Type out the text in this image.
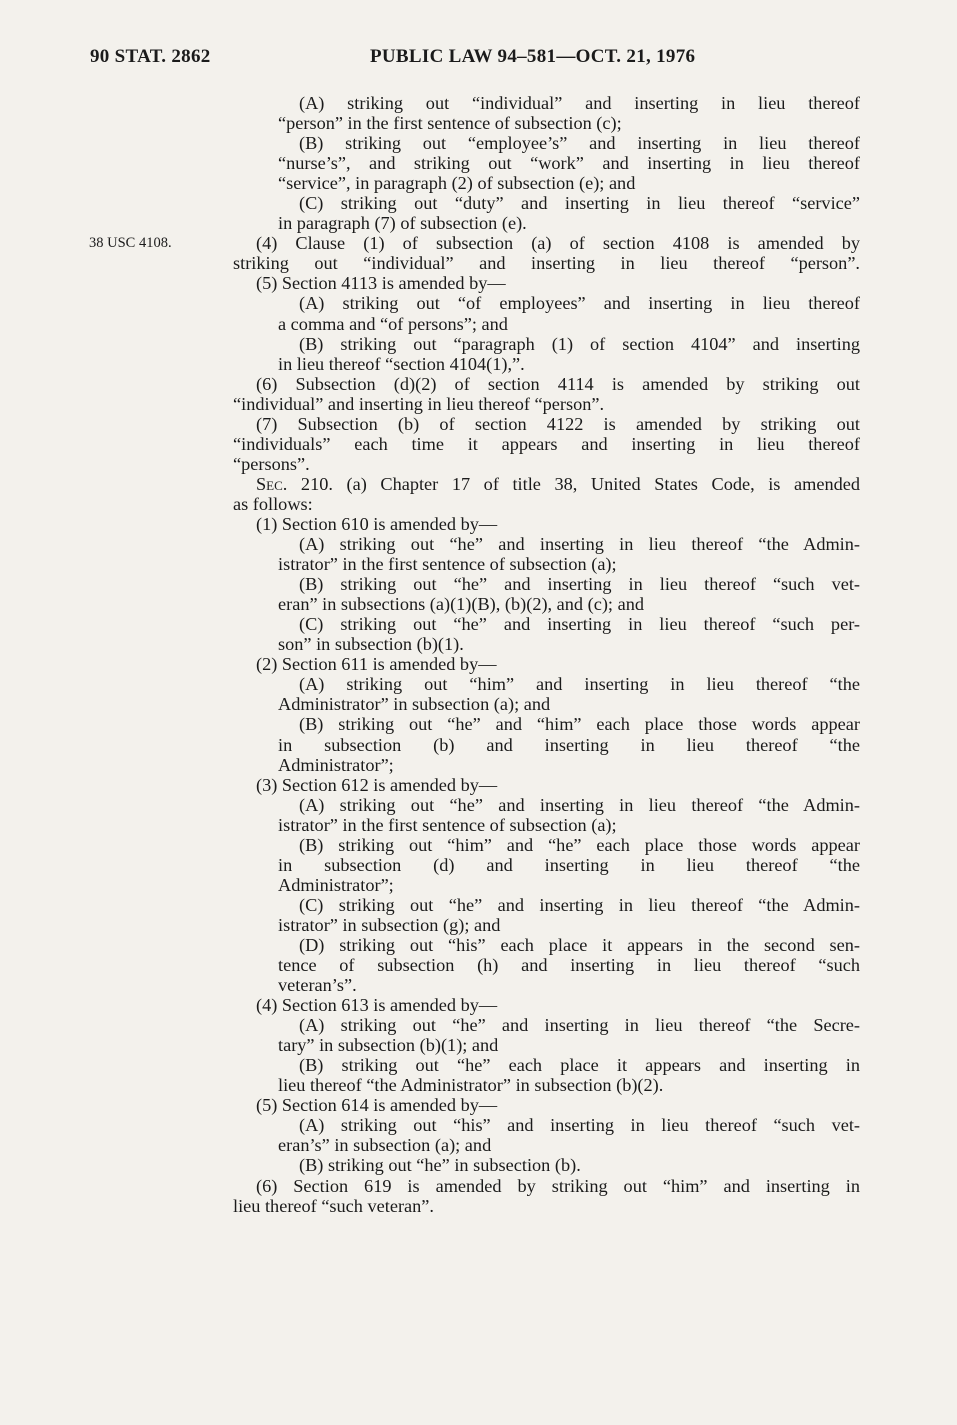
90 STAT. 2862	PUBLIC LAW 94–581—OCT. 21, 1976
38 USC 4108.
(A) striking out “individual” and inserting in lieu thereof
“person” in the first sentence of subsection (c);
(B) striking out “employee’s” and inserting in lieu thereof
“nurse’s”, and striking out “work” and inserting in lieu thereof
“service”, in paragraph (2) of subsection (e); and
(C) striking out “duty” and inserting in lieu thereof “service”
in paragraph (7) of subsection (e).
(4) Clause (1) of subsection (a) of section 4108 is amended by
striking out “individual” and inserting in lieu thereof “person”.
(5) Section 4113 is amended by—
(A) striking out “of employees” and inserting in lieu thereof
a comma and “of persons”; and
(B) striking out “paragraph (1) of section 4104” and inserting
in lieu thereof “section 4104(1),”.
(6) Subsection (d)(2) of section 4114 is amended by striking out
“individual” and inserting in lieu thereof “person”.
(7) Subsection (b) of section 4122 is amended by striking out
“individuals” each time it appears and inserting in lieu thereof
“persons”.
Sec. 210. (a) Chapter 17 of title 38, United States Code, is amended
as follows:
(1) Section 610 is amended by—
(A) striking out “he” and inserting in lieu thereof “the Admin-
istrator” in the first sentence of subsection (a);
(B) striking out “he” and inserting in lieu thereof “such vet-
eran” in subsections (a)(1)(B), (b)(2), and (c); and
(C) striking out “he” and inserting in lieu thereof “such per-
son” in subsection (b)(1).
(2) Section 611 is amended by—
(A) striking out “him” and inserting in lieu thereof “the
Administrator” in subsection (a); and
(B) striking out “he” and “him” each place those words appear
in subsection (b) and inserting in lieu thereof “the
Administrator”;
(3) Section 612 is amended by—
(A) striking out “he” and inserting in lieu thereof “the Admin-
istrator” in the first sentence of subsection (a);
(B) striking out “him” and “he” each place those words appear
in subsection (d) and inserting in lieu thereof “the
Administrator”;
(C) striking out “he” and inserting in lieu thereof “the Admin-
istrator” in subsection (g); and
(D) striking out “his” each place it appears in the second sen-
tence of subsection (h) and inserting in lieu thereof “such
veteran’s”.
(4) Section 613 is amended by—
(A) striking out “he” and inserting in lieu thereof “the Secre-
tary” in subsection (b)(1); and
(B) striking out “he” each place it appears and inserting in
lieu thereof “the Administrator” in subsection (b)(2).
(5) Section 614 is amended by—
(A) striking out “his” and inserting in lieu thereof “such vet-
eran’s” in subsection (a); and
(B) striking out “he” in subsection (b).
(6) Section 619 is amended by striking out “him” and inserting in
lieu thereof “such veteran”.
